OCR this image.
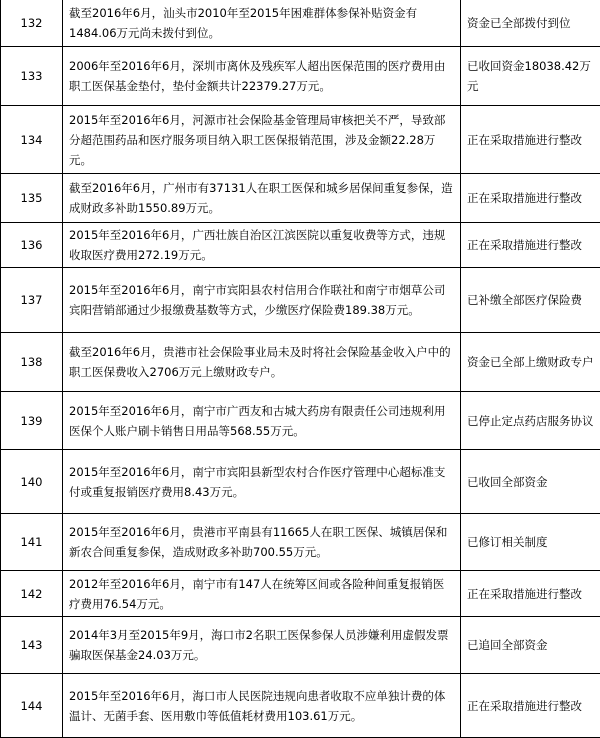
132	截至2016年6月，汕头市2010年至2015年困难群体参保补贴资金有1484.06万元尚未拨付到位。	资金已全部拨付到位
133	2006年至2016年6月，深圳市离休及残疾军人超出医保范围的医疗费用由职工医保基金垫付，垫付金额共计22379.27万元。	已收回资金18038.42万元
134	2015年至2016年6月，河源市社会保险基金管理局审核把关不严，导致部分超范围药品和医疗服务项目纳入职工医保报销范围，涉及金额22.28万元。	正在采取措施进行整改
135	截至2016年6月，广州市有37131人在职工医保和城乡居保间重复参保，造成财政多补助1550.89万元。	正在采取措施进行整改
136	2015年至2016年6月，广西壮族自治区江滨医院以重复收费等方式，违规收取医疗费用272.19万元。	正在采取措施进行整改
137	2015年至2016年6月，南宁市宾阳县农村信用合作联社和南宁市烟草公司宾阳营销部通过少报缴费基数等方式，少缴医疗保险费189.38万元。	已补缴全部医疗保险费
138	截至2016年6月，贵港市社会保险事业局未及时将社会保险基金收入户中的职工医保费收入2706万元上缴财政专户。	资金已全部上缴财政专户
139	2015年至2016年6月，南宁市广西友和古城大药房有限责任公司违规利用医保个人账户刷卡销售日用品等568.55万元。	已停止定点药店服务协议
140	2015年至2016年6月，南宁市宾阳县新型农村合作医疗管理中心超标准支付或重复报销医疗费用8.43万元。	已收回全部资金
141	2015年至2016年6月，贵港市平南县有11665人在职工医保、城镇居保和新农合间重复参保，造成财政多补助700.55万元。	已修订相关制度
142	2012年至2016年6月，南宁市有147人在统筹区间或各险种间重复报销医疗费用76.54万元。	正在采取措施进行整改
143	2014年3月至2015年9月，海口市2名职工医保参保人员涉嫌利用虚假发票骗取医保基金24.03万元。	已追回全部资金
144	2015年至2016年6月，海口市人民医院违规向患者收取不应单独计费的体温计、无菌手套、医用敷巾等低值耗材费用103.61万元。	正在采取措施进行整改
